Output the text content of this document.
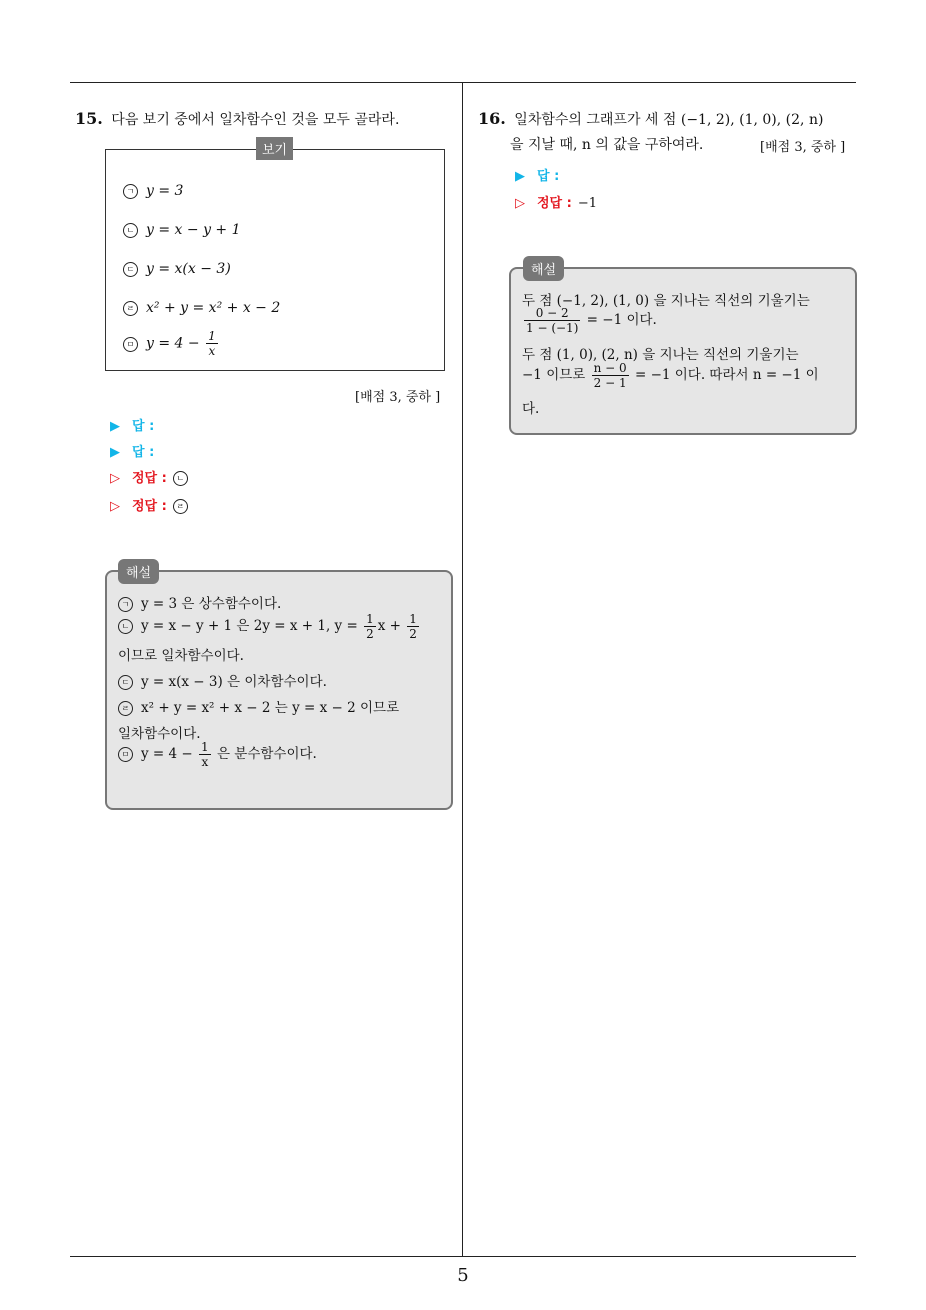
15. 다음 보기 중에서 일차함수인 것을 모두 골라라.
보기
ㄱ y = 3
ㄴ y = x − y + 1
ㄷ y = x(x − 3)
ㄹ x² + y = x² + x − 2
ㅁ $y = 4 - \frac{1}{x}$
[배점 3, 중하 ]
▶ 답 :
▶ 답 :
▷ 정답 : ㄴ
▷ 정답 : ㄹ
해설
ㄱ y = 3 은 상수함수이다.
ㄴ y = x − y + 1 은 2y = x + 1, $y = \frac{1}{2}$ $x + \frac{1}{2}$
이므로 일차함수이다.
ㄷ y = x(x − 3) 은 이차함수이다.
ㄹ x² + y = x² + x − 2 는 y = x − 2 이므로
일차함수이다.
ㅁ $y = 4 - \frac{1}{x}$ 은 분수함수이다.
16. 일차함수의 그래프가 세 점 (−1, 2), (1, 0), (2, n)
을 지날 때, n 의 값을 구하여라.	[배점 3, 중하 ]
▶ 답 :
▷ 정답 : −1
해설
두 점 (−1, 2), (1, 0) 을 지나는 직선의 기울기는
$\frac{0 - 2}{1 - (-1)} = -1$ 이다.
두 점 (1, 0), (2, n) 을 지나는 직선의 기울기는
−1 이므로 $\frac{n - 0}{2 - 1} = -1$ 이다. 따라서 n = −1 이
다.
5
